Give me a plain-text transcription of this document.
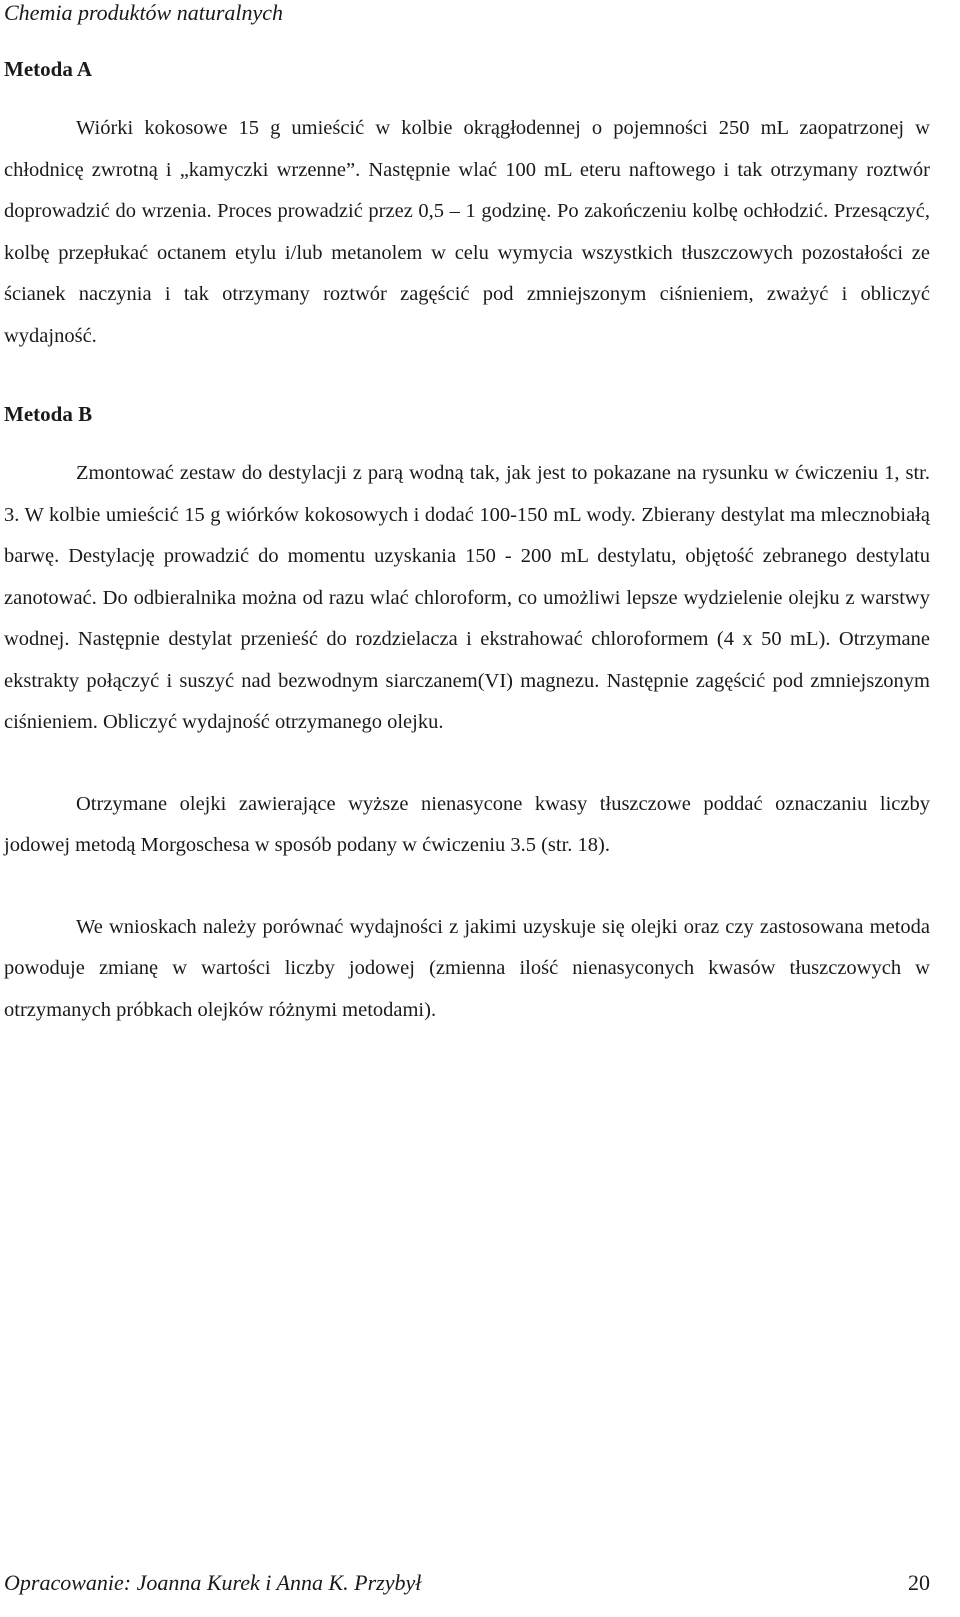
Chemia produktów naturalnych
Metoda A

Wiórki kokosowe 15 g umieścić w kolbie okrągłodennej o pojemności 250 mL zaopatrzonej w chłodnicę zwrotną i „kamyczki wrzenne”. Następnie wlać 100 mL eteru naftowego i tak otrzymany roztwór doprowadzić do wrzenia. Proces prowadzić przez 0,5 – 1 godzinę. Po zakończeniu kolbę ochłodzić. Przesączyć, kolbę przepłukać octanem etylu i/lub metanolem w celu wymycia wszystkich tłuszczowych pozostałości ze ścianek naczynia i tak otrzymany roztwór zagęścić pod zmniejszonym ciśnieniem, zważyć i obliczyć wydajność.

Metoda B

Zmontować zestaw do destylacji z parą wodną tak, jak jest to pokazane na rysunku w ćwiczeniu 1, str. 3. W kolbie umieścić 15 g wiórków kokosowych i dodać 100-150 mL wody. Zbierany destylat ma mlecznobiałą barwę. Destylację prowadzić do momentu uzyskania 150 - 200 mL destylatu, objętość zebranego destylatu zanotować. Do odbieralnika można od razu wlać chloroform, co umożliwi lepsze wydzielenie olejku z warstwy wodnej. Następnie destylat przenieść do rozdzielacza i ekstrahować chloroformem (4 x 50 mL). Otrzymane ekstrakty połączyć i suszyć nad bezwodnym siarczanem(VI) magnezu. Następnie zagęścić pod zmniejszonym ciśnieniem. Obliczyć wydajność otrzymanego olejku.

Otrzymane olejki zawierające wyższe nienasycone kwasy tłuszczowe poddać oznaczaniu liczby jodowej metodą Morgoschesa w sposób podany w ćwiczeniu 3.5 (str. 18).

We wnioskach należy porównać wydajności z jakimi uzyskuje się olejki oraz czy zastosowana metoda powoduje zmianę w wartości liczby jodowej (zmienna ilość nienasyconych kwasów tłuszczowych w otrzymanych próbkach olejków różnymi metodami).

Opracowanie: Joanna Kurek i Anna K. Przybył	20
